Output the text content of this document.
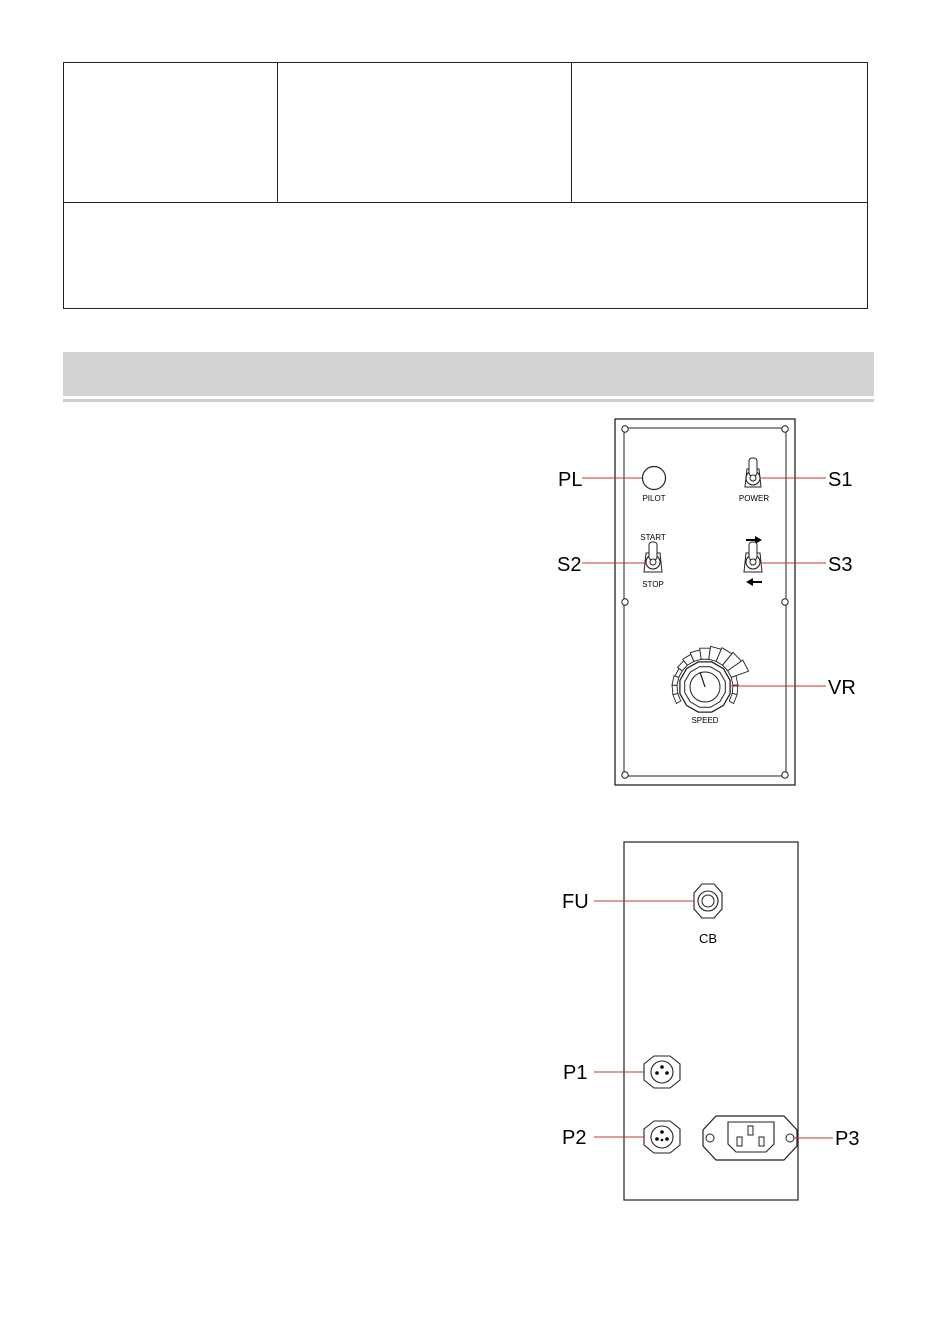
PILOT	POWER
START
STOP
SPEED
PL	S1
S2	S3
VR
CB
FU
P1
P2	P3
